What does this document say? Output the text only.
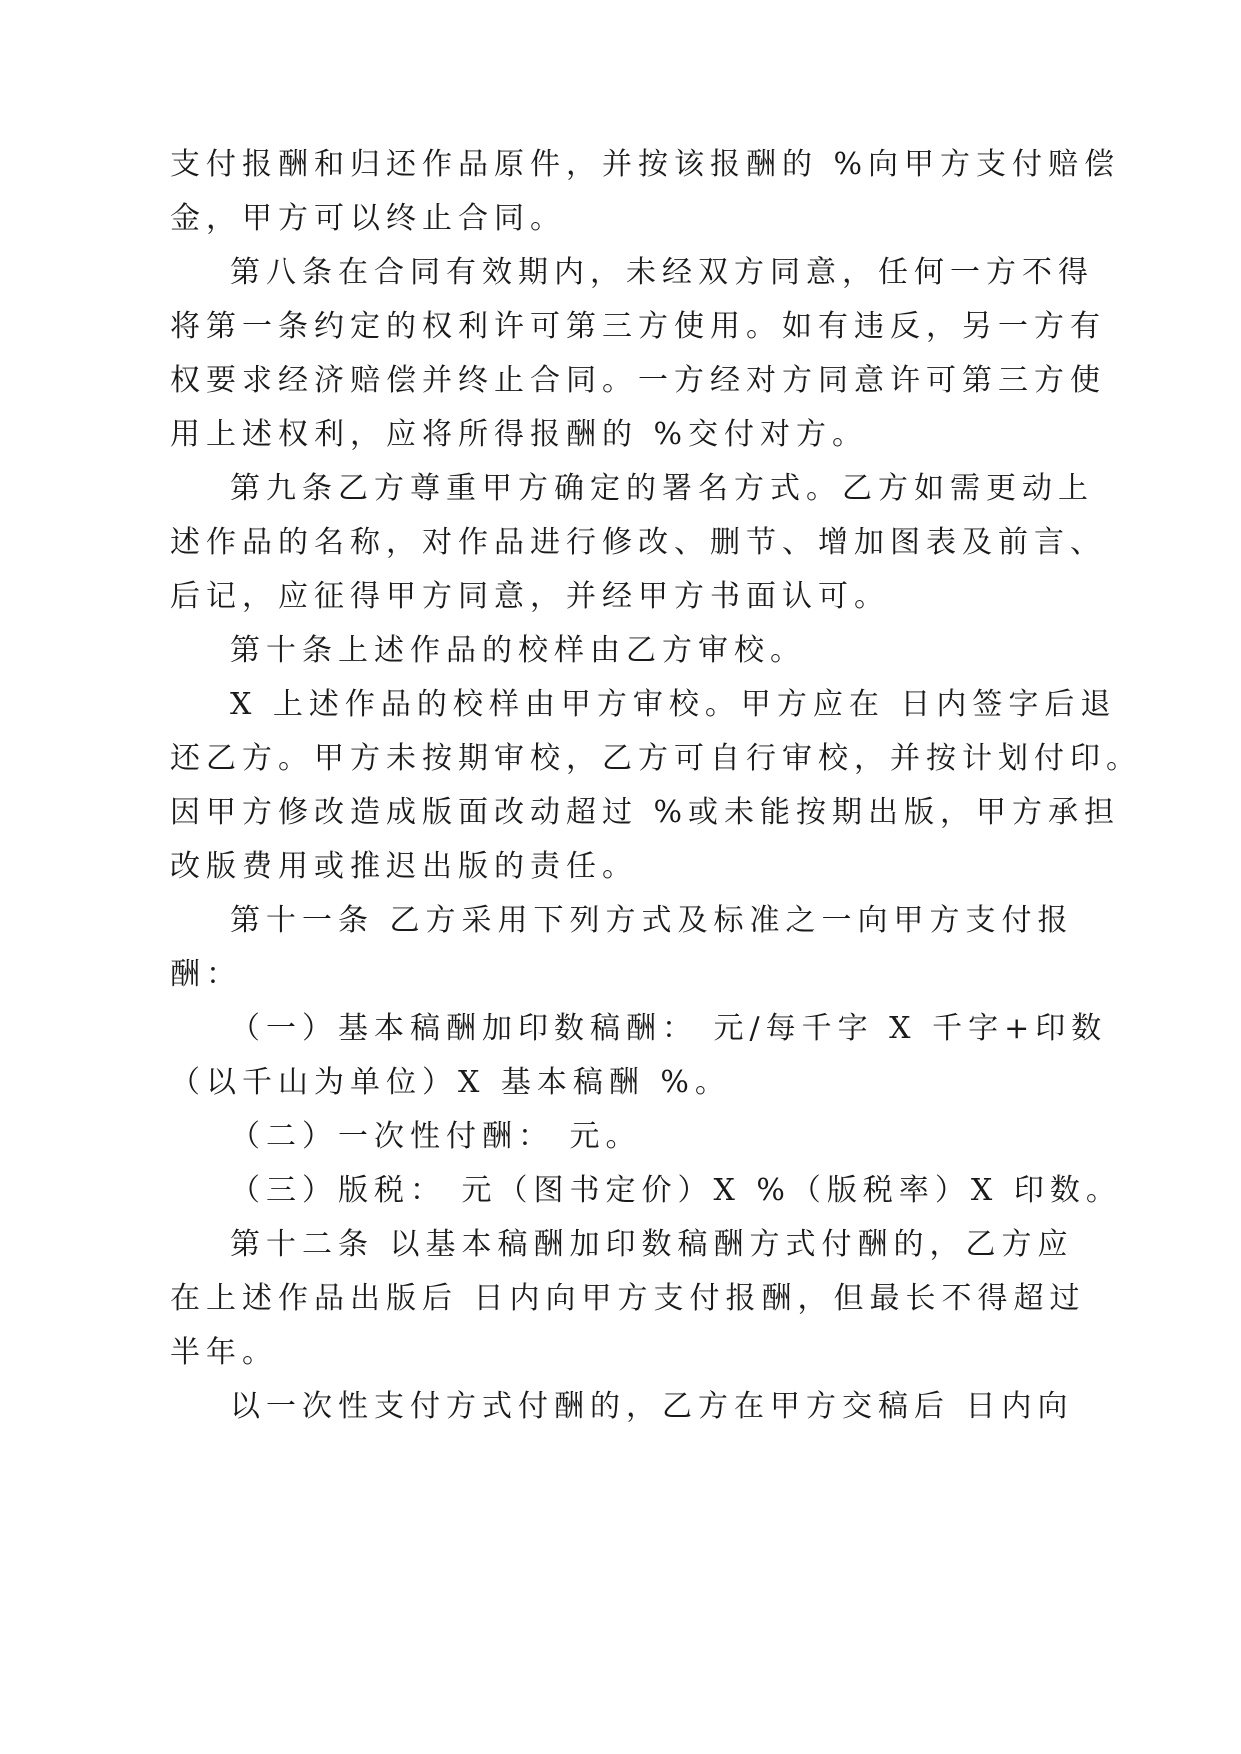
支付报酬和归还作品原件，并按该报酬的 %向甲方支付赔偿
金，甲方可以终止合同。
第八条在合同有效期内，未经双方同意，任何一方不得
将第一条约定的权利许可第三方使用。如有违反，另一方有
权要求经济赔偿并终止合同。一方经对方同意许可第三方使
用上述权利，应将所得报酬的 %交付对方。
第九条乙方尊重甲方确定的署名方式。乙方如需更动上
述作品的名称，对作品进行修改、删节、增加图表及前言、
后记，应征得甲方同意，并经甲方书面认可。
第十条上述作品的校样由乙方审校。
X 上述作品的校样由甲方审校。甲方应在 日内签字后退
还乙方。甲方未按期审校，乙方可自行审校，并按计划付印。
因甲方修改造成版面改动超过 %或未能按期出版，甲方承担
改版费用或推迟出版的责任。
第十一条 乙方采用下列方式及标准之一向甲方支付报
酬：
（一）基本稿酬加印数稿酬： 元/每千字 X 千字+印数
（以千山为单位）X 基本稿酬 %。
（二）一次性付酬： 元。
（三）版税： 元（图书定价）X %（版税率）X 印数。
第十二条 以基本稿酬加印数稿酬方式付酬的，乙方应
在上述作品出版后 日内向甲方支付报酬，但最长不得超过
半年。
以一次性支付方式付酬的，乙方在甲方交稿后 日内向
